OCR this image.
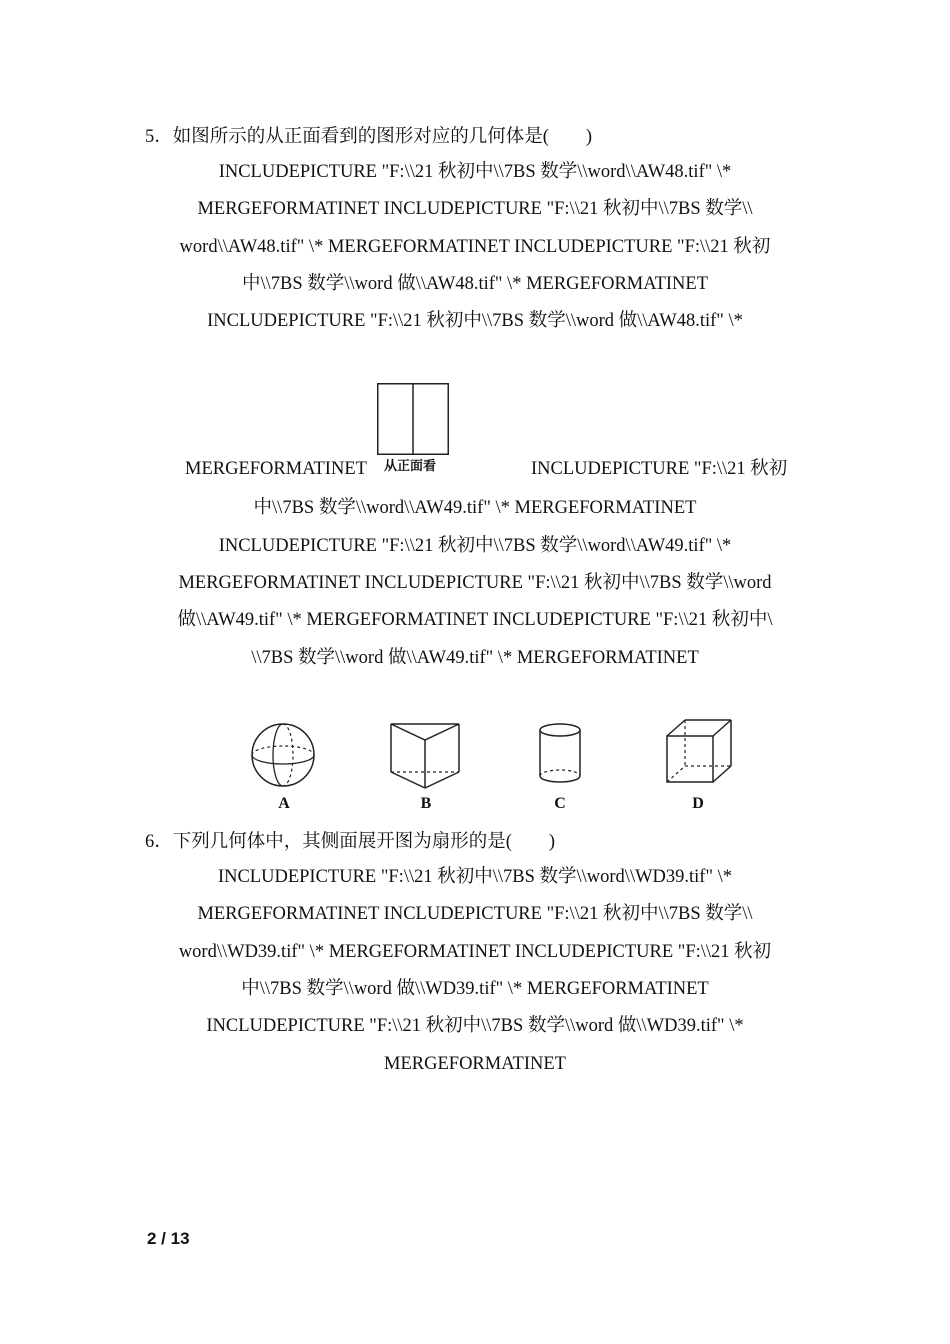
5．如图所示的从正面看到的图形对应的几何体是(　　)
INCLUDEPICTURE "F:\\21 秋初中\\7BS 数学\\word\\AW48.tif" \*
MERGEFORMATINET INCLUDEPICTURE "F:\\21 秋初中\\7BS 数学\\
word\\AW48.tif" \* MERGEFORMATINET INCLUDEPICTURE "F:\\21 秋初
中\\7BS 数学\\word 做\\AW48.tif" \* MERGEFORMATINET
INCLUDEPICTURE "F:\\21 秋初中\\7BS 数学\\word 做\\AW48.tif" \*
从正面看
MERGEFORMATINET	INCLUDEPICTURE "F:\\21 秋初
中\\7BS 数学\\word\\AW49.tif" \* MERGEFORMATINET
INCLUDEPICTURE "F:\\21 秋初中\\7BS 数学\\word\\AW49.tif" \*
MERGEFORMATINET INCLUDEPICTURE "F:\\21 秋初中\\7BS 数学\\word
做\\AW49.tif" \* MERGEFORMATINET INCLUDEPICTURE "F:\\21 秋初中\
\\7BS 数学\\word 做\\AW49.tif" \* MERGEFORMATINET
A	B	C	D
6．下列几何体中，其侧面展开图为扇形的是(　　)
INCLUDEPICTURE "F:\\21 秋初中\\7BS 数学\\word\\WD39.tif" \*
MERGEFORMATINET INCLUDEPICTURE "F:\\21 秋初中\\7BS 数学\\
word\\WD39.tif" \* MERGEFORMATINET INCLUDEPICTURE "F:\\21 秋初
中\\7BS 数学\\word 做\\WD39.tif" \* MERGEFORMATINET
INCLUDEPICTURE "F:\\21 秋初中\\7BS 数学\\word 做\\WD39.tif" \*
MERGEFORMATINET
2 / 13
